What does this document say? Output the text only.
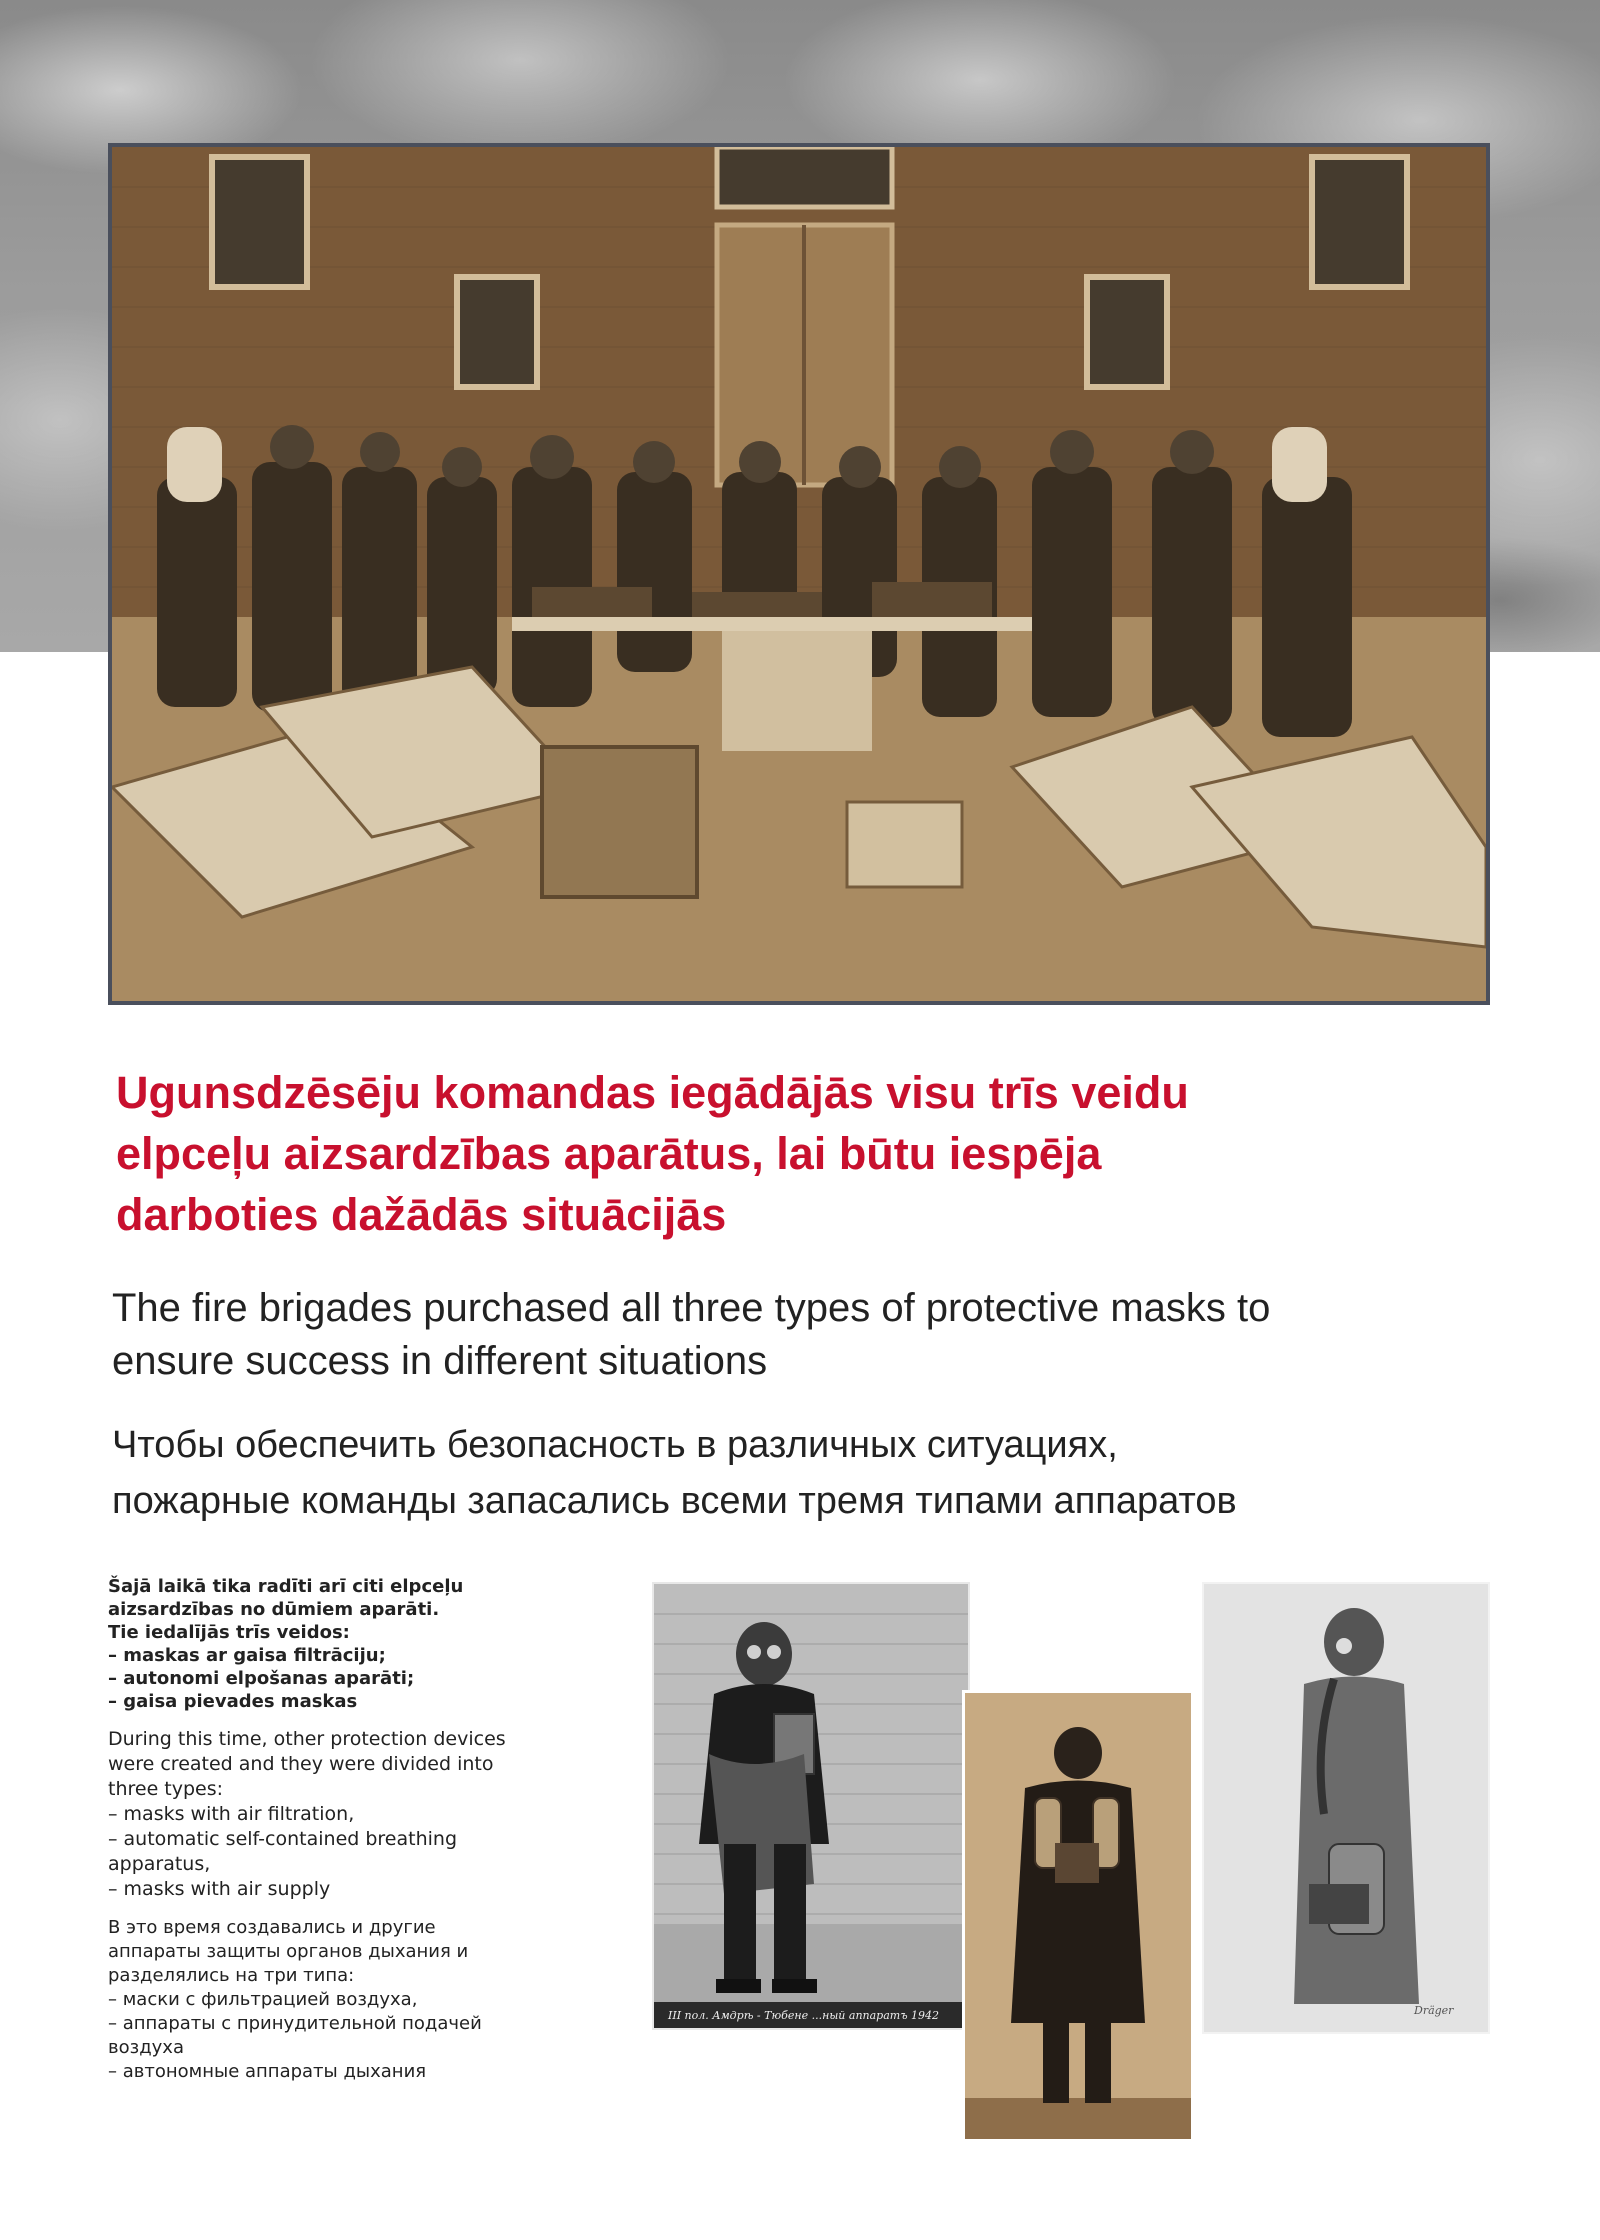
Ugunsdzēsēju komandas iegādājās visu trīs veidu
elpceļu aizsardzības aparātus, lai būtu iespēja
darboties dažādās situācijās

The fire brigades purchased all three types of protective masks to
ensure success in different situations

Чтобы обеспечить безопасность в различных ситуациях,
пожарные команды запасались всеми тремя типами аппаратов

Šajā laikā tika radīti arī citi elpceļu

aizsardzības no dūmiem aparāti.

Tie iedalījās trīs veidos:

– maskas ar gaisa filtrāciju;

– autonomi elpošanas aparāti;

– gaisa pievades maskas

During this time, other protection devices

were created and they were divided into

three types:

– masks with air filtration,

– automatic self-contained breathing

apparatus,

– masks with air supply

В это время создавались и другие

аппараты защиты органов дыхания и

разделялись на три типа:

– маски с фильтрацией воздуха,

– аппараты с принудительной подачей

воздуха

– автономные аппараты дыхания

III пол. Амдрѣ - Тюбене ...ный аппаратъ 1942	Dräger
